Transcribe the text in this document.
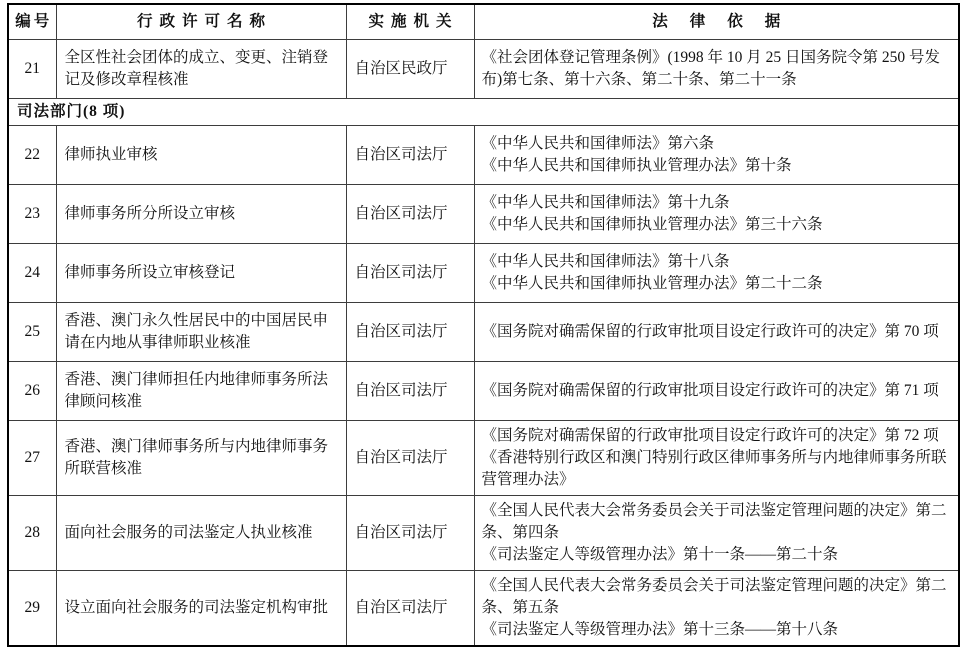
编号	行政许可名称	实施机关	法律依据
21	全区性社会团体的成立、变更、注销登记及修改章程核准	自治区民政厅	《社会团体登记管理条例》(1998 年 10 月 25 日国务院令第 250 号发布)第七条、第十六条、第二十条、第二十一条

司法部门(8 项)			
22	律师执业审核	自治区司法厅	《中华人民共和国律师法》第六条
《中华人民共和国律师执业管理办法》第十条

23	律师事务所分所设立审核	自治区司法厅	《中华人民共和国律师法》第十九条
《中华人民共和国律师执业管理办法》第三十六条

24	律师事务所设立审核登记	自治区司法厅	《中华人民共和国律师法》第十八条
《中华人民共和国律师执业管理办法》第二十二条

25	香港、澳门永久性居民中的中国居民申请在内地从事律师职业核准	自治区司法厅	《国务院对确需保留的行政审批项目设定行政许可的决定》第 70 项

26	香港、澳门律师担任内地律师事务所法律顾问核准	自治区司法厅	《国务院对确需保留的行政审批项目设定行政许可的决定》第 71 项

27	香港、澳门律师事务所与内地律师事务所联营核准	自治区司法厅	《国务院对确需保留的行政审批项目设定行政许可的决定》第 72 项
《香港特别行政区和澳门特别行政区律师事务所与内地律师事务所联营管理办法》

28	面向社会服务的司法鉴定人执业核准	自治区司法厅	《全国人民代表大会常务委员会关于司法鉴定管理问题的决定》第二条、第四条
《司法鉴定人等级管理办法》第十一条——第二十条

29	设立面向社会服务的司法鉴定机构审批	自治区司法厅	《全国人民代表大会常务委员会关于司法鉴定管理问题的决定》第二条、第五条
《司法鉴定人等级管理办法》第十三条——第十八条
